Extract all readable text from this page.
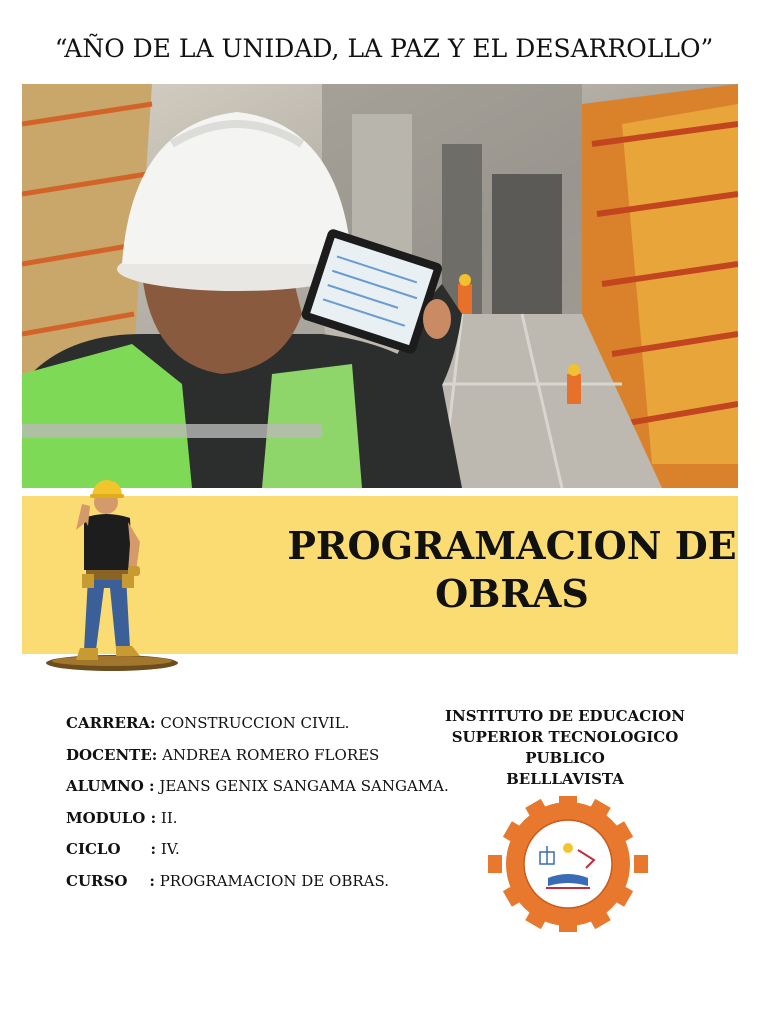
“AÑO DE LA UNIDAD, LA PAZ Y EL DESARROLLO”
PROGRAMACION DE
OBRAS
CARRERA: CONSTRUCCION CIVIL.
DOCENTE: ANDREA ROMERO FLORES
ALUMNO : JEANS GENIX SANGAMA SANGAMA.
MODULO : II.
CICLO : IV.
CURSO : PROGRAMACION DE OBRAS.
INSTITUTO DE EDUCACION
SUPERIOR TECNOLOGICO PUBLICO
BELLLAVISTA
